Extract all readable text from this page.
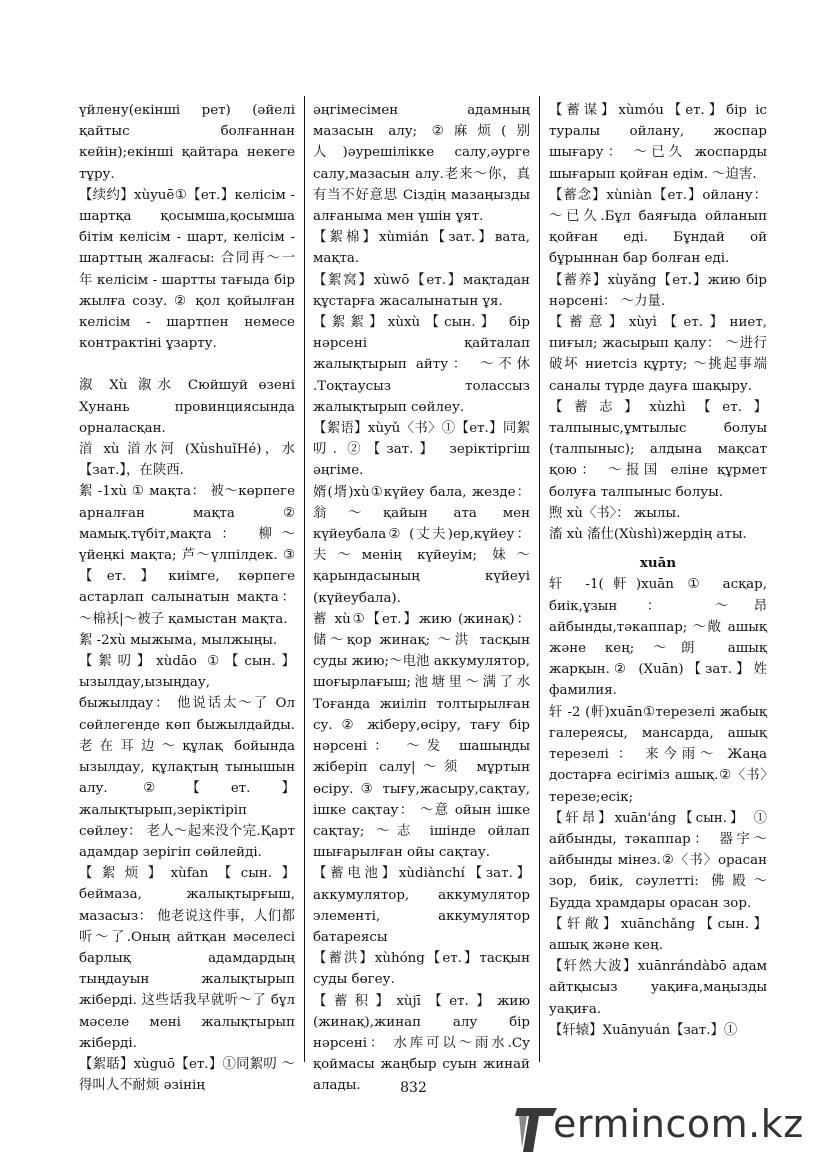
үйлену(екінші рет) (әйелі қайтыс болғаннан кейін);екінші қайтара некеге тұру.

【续约】xùyuē①【ет.】келісім - шартқа қосымша,қосымша бітім келісім - шарт, келісім - шарттың жалғасы: 合同再～一年 келісім - шартты тағыда бір жылға созу. ② қол қойылған келісім - шартпен немесе контрактіні ұзарту.

溆 Xù 溆水 Сюйшуй өзені Хунань провинциясында орналасқан.

渞 xù 渞水河 (XùshuǐHé)，水【зат.】，在陕西.

絮 -1xù ① мақта： 被～көрпеге арналған мақта ② мамық.түбіт,мақта： 柳～үйеңкі мақта; 芦～үлпілдек. ③【ет.】киімге, көрпеге астарлап салынатын мақта： ～棉袄|～被子 қамыстан мақта.

絮 -2xù мыжыма, мылжыңы.

【絮叨】xùdāo ①【сын.】ызылдау,ызыңдау, быжылдау： 他说话太～了 Ол сөйлегенде көп быжылдайды. 老在耳边～құлақ бойында ызылдау, құлақтың тынышын алу. ②【ет.】жалықтырып,зеріктіріп сөйлеу： 老人～起来没个完.Қарт адамдар зерігіп сөйлейді.

【絮烦】xùfan【сын.】 беймаза, жалықтырғыш, мазасыз： 他老说这件事，人们都听～了.Оның айтқан мәселесі барлық адамдардың тыңдауын жалықтырып жіберді. 这些话我早就听～了 бұл мәселе мені жалықтырып жіберді.

【絮聒】xùguō【ет.】①同絮叨 ～得叫人不耐烦 әзінің

әңгімесімен адамның мазасын алу; ②麻烦(别人)әурешілікке салу,әурге салу,мазасын алу.老来～你，真有当不好意思 Сіздің мазаңызды алғаныма мен үшін ұят.

【絮棉】xùmián【зат.】вата, мақта.

【絮窝】xùwō【ет.】мақтадан құстарға жасалынатын ұя.

【絮絮】xùxù【сын.】 бір нәрсені қайталап жалықтырып айту： ～不休 .Тоқтаусыз толассыз жалықтырып сөйлеу.

【絮语】xùyǔ〈书〉①【ет.】同絮叨. ②【зат.】 зеріктіргіш әңгіме.

婿(壻)xù①күйеу бала, жезде： 翁～қайын ата мен күйеубала② (丈夫)ер,күйеу： 夫～менің күйеуім; 妹～ қарындасының күйеуі (күйеубала).

蓄 xù①【ет.】жию (жинақ)： 储～қор жинақ; ～洪 тасқын суды жию;～电池 аккумулятор, шоғырлағыш;池塘里～满了水 Тоғанда жиіліп толтырылған су. ② жіберу,өсіру, тағу бір нәрсені： ～发 шашыңды жіберіп салу|～须 мұртын өсіру. ③ тығу,жасыру,сақтау, ішке сақтау： ～意 ойын ішке сақтау; ～志 ішінде ойлап шығарылған ойы сақтау.

【蓄电池】xùdiànchí【зат.】 аккумулятор, аккумулятор элементі, аккумулятор батареясы

【蓄洪】xùhóng【ет.】тасқын суды бөгеу.

【蓄积】xùjī【ет.】жию (жинақ),жинап алу бір нәрсені： 水库可以～雨水.Су қоймасы жаңбыр суын жинай алады.

【蓄谋】xùmóu【ет.】бір іс туралы ойлану, жоспар шығару： ～已久 жоспарды шығарып қойған едім. ～迫害.

【蓄念】xùniàn【ет.】ойлану： ～已久.Бұл баяғыда ойланып қойған еді. Бұндай ой бұрыннан бар болған еді.

【蓄养】xùyǎng【ет.】жию бір нәрсені： ～力量.

【蓄意】xùyì【ет.】ниет, пиғыл; жасырып қалу： ～进行破坏 ниетсіз құрту; ～挑起事端 саналы түрде дауға шақыру.

【蓄志】xùzhì【ет.】 талпыныс,ұмтылыс болуы (талпыныс); алдына мақсат қою： ～报国 еліне құрмет болуға талпыныс болуы.

煦 xù〈书〉： жылы.

滀 xù 滀仕(Xùshì)жердің аты.

xuān

轩 -1(軒)xuān ① асқар, биік,ұзын ： ～昂 айбынды,тәкаппар; ～敞 ашық және кең; ～朗 ашық жарқын.② (Xuān)【зат.】姓 фамилия.

轩 -2 (軒)xuān①терезелі жабық галереясы, мансарда, ашық терезелі ： 来今雨～ Жаңа достарға есігіміз ашық.②〈书〉терезе;есік;

【轩昂】xuān'áng【сын.】 ① айбынды, тәкаппар： 器宇～ айбынды мінез.②〈书〉орасан зор, биік, сәулетті: 佛殿～Будда храмдары орасан зор.

【轩敞】xuānchǎng【сын.】 ашық және кең.

【轩然大波】xuānrándàbō адам айтқысыз уақиға,маңызды уақиға.

【轩辕】Xuānyuán【зат.】①

832
ermincom.kz
